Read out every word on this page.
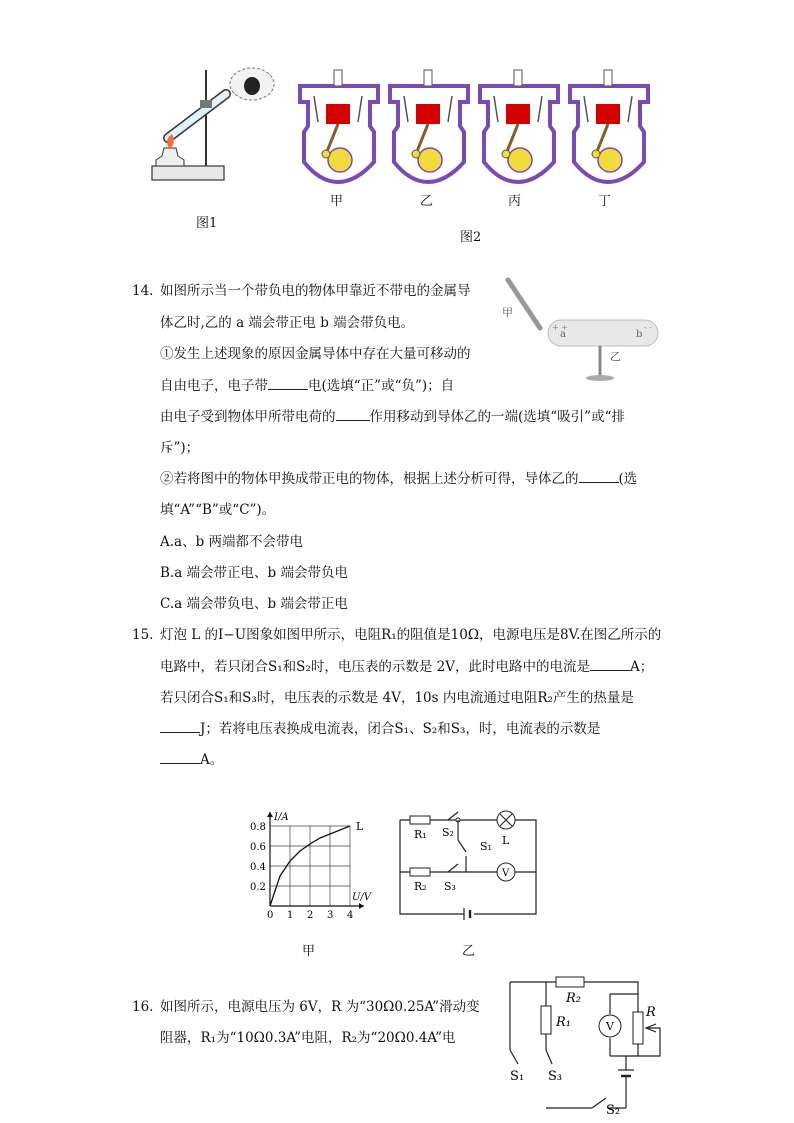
图1
甲	乙	丙	丁
图2
14. 如图所示当一个带负电的物体甲靠近不带电的金属导
体乙时,乙的 a 端会带正电 b 端会带负电。
①发生上述现象的原因金属导体中存在大量可移动的
自由电子，电子带	电(选填“正”或“负”)；自
由电子受到物体甲所带电荷的	作用移动到导体乙的一端(选填“吸引”或“排
斥”)；
②若将图中的物体甲换成带正电的物体，根据上述分析可得，导体乙的	(选
填“A”“B”或“C”)。
A.a、b 两端都不会带电
B.a 端会带正电、b 端会带负电
C.a 端会带负电、b 端会带正电
甲
a	b
+ +	- -
乙
15. 灯泡 L 的I−U图象如图甲所示，电阻R₁的阻值是10Ω，电源电压是8V.在图乙所示的
电路中，若只闭合S₁和S₂时，电压表的示数是 2V，此时电路中的电流是	A；
若只闭合S₁和S₃时，电压表的示数是 4V，10s 内电流通过电阻R₂产生的热量是
J；若将电压表换成电流表，闭合S₁、S₂和S₃，时，电流表的示数是
A。
0 1 2 3 4
0.2
0.4
0.6
0.8
I/A
U/V
L
甲
R₁ S₂
L
S₁
R₂ S₃
V
乙
16. 如图所示，电源电压为 6V，R 为“30Ω0.25A”滑动变
阻器，R₁为“10Ω0.3A”电阻，R₂为“20Ω0.4A”电
R₂
R₁	V
R
S₁ S₃
S₂
